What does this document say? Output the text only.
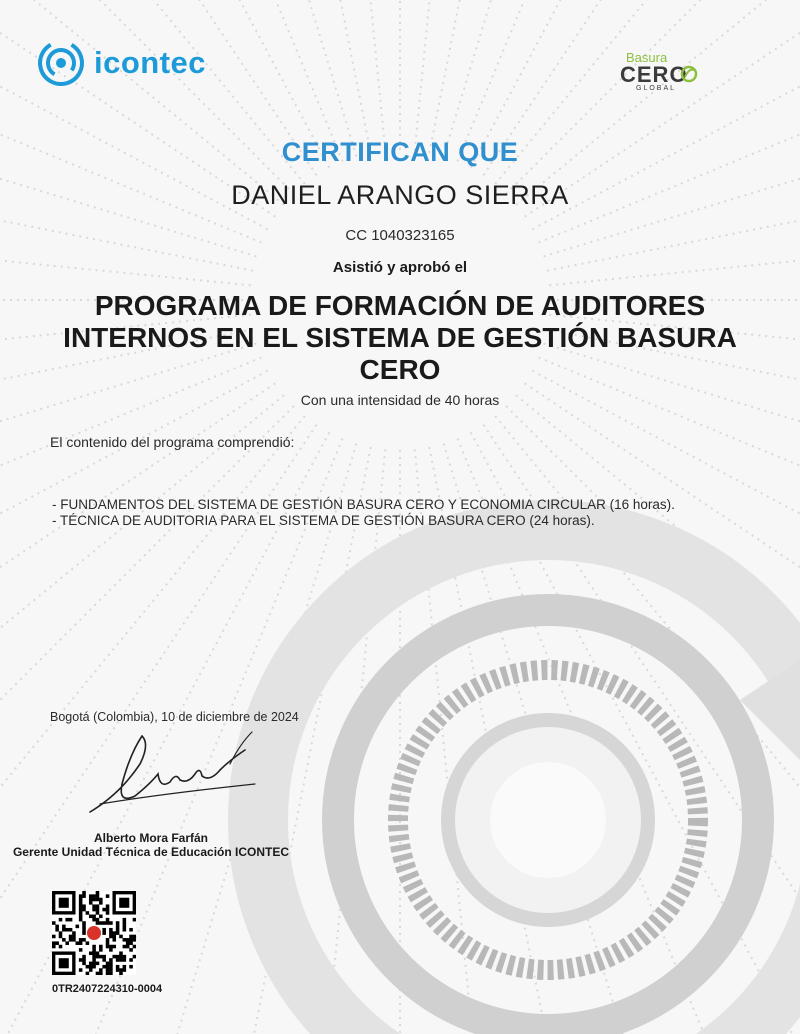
icontec	Basura
CERO
GLOBAL
CERTIFICAN QUE
DANIEL ARANGO SIERRA
CC 1040323165
Asistió y aprobó el
PROGRAMA DE FORMACIÓN DE AUDITORES INTERNOS EN EL SISTEMA DE GESTIÓN BASURA CERO
Con una intensidad de 40 horas
El contenido del programa comprendió:
- FUNDAMENTOS DEL SISTEMA DE GESTIÓN BASURA CERO Y ECONOMIA CIRCULAR (16 horas).
- TÉCNICA DE AUDITORIA PARA EL SISTEMA DE GESTIÓN BASURA CERO (24 horas).
Bogotá (Colombia), 10 de diciembre de 2024
Alberto Mora Farfán
Gerente Unidad Técnica de Educación ICONTEC
0TR2407224310-0004
